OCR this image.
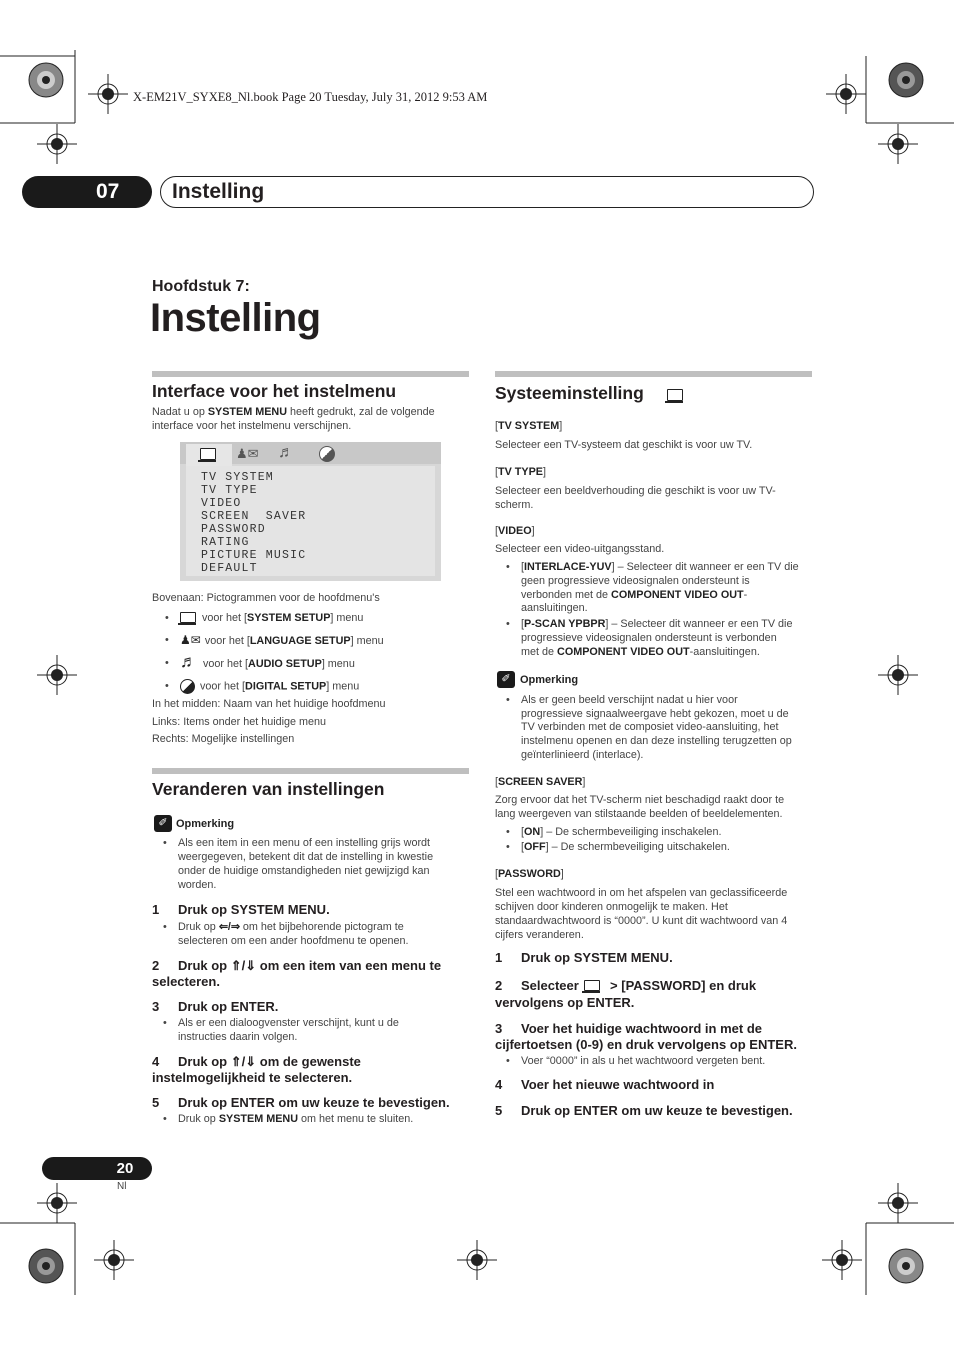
X-EM21V_SYXE8_Nl.book Page 20 Tuesday, July 31, 2012 9:53 AM
07	Instelling
Hoofdstuk 7:
Instelling
Interface voor het instelmenu
Nadat u op SYSTEM MENU heeft gedrukt, zal de volgende
interface voor het instelmenu verschijnen.
♟✉ ♬
TV SYSTEM
TV TYPE
VIDEO
SCREEN  SAVER
PASSWORD
RATING
PICTURE MUSIC
DEFAULT
Bovenaan: Pictogrammen voor de hoofdmenu's
• voor het [SYSTEM SETUP] menu
• ♟✉ voor het [LANGUAGE SETUP] menu
• ♬ voor het [AUDIO SETUP] menu
• voor het [DIGITAL SETUP] menu
In het midden: Naam van het huidige hoofdmenu
Links: Items onder het huidige menu
Rechts: Mogelijke instellingen
Veranderen van instellingen
✐ Opmerking
• Als een item in een menu of een instelling grijs wordt
weergegeven, betekent dit dat de instelling in kwestie
onder de huidige omstandigheden niet gewijzigd kan
worden.
1 Druk op SYSTEM MENU.
• Druk op ⇐/⇒ om het bijbehorende pictogram te
selecteren om een ander hoofdmenu te openen.
2 Druk op ⇑/⇓ om een item van een menu te
selecteren.
3 Druk op ENTER.
• Als er een dialoogvenster verschijnt, kunt u de
instructies daarin volgen.
4 Druk op ⇑/⇓ om de gewenste
instelmogelijkheid te selecteren.
5 Druk op ENTER om uw keuze te bevestigen.
• Druk op SYSTEM MENU om het menu te sluiten.
Systeeminstelling
[TV SYSTEM]
Selecteer een TV-systeem dat geschikt is voor uw TV.
[TV TYPE]
Selecteer een beeldverhouding die geschikt is voor uw TV-
scherm.
[VIDEO]
Selecteer een video-uitgangsstand.
• [INTERLACE-YUV] – Selecteer dit wanneer er een TV die
geen progressieve videosignalen ondersteunt is
verbonden met de COMPONENT VIDEO OUT-
aansluitingen.
• [P-SCAN YPBPR] – Selecteer dit wanneer er een TV die
progressieve videosignalen ondersteunt is verbonden
met de COMPONENT VIDEO OUT-aansluitingen.
✐ Opmerking
• Als er geen beeld verschijnt nadat u hier voor
progressieve signaalweergave hebt gekozen, moet u de
TV verbinden met de composiet video-aansluiting, het
instelmenu openen en dan deze instelling terugzetten op
geïnterlinieerd (interlace).
[SCREEN SAVER]
Zorg ervoor dat het TV-scherm niet beschadigd raakt door te
lang weergeven van stilstaande beelden of beeldelementen.
• [ON] – De schermbeveiliging inschakelen.
• [OFF] – De schermbeveiliging uitschakelen.
[PASSWORD]
Stel een wachtwoord in om het afspelen van geclassificeerde
schijven door kinderen onmogelijk te maken. Het
standaardwachtwoord is “0000”. U kunt dit wachtwoord van 4
cijfers veranderen.
1 Druk op SYSTEM MENU.
2 Selecteer
> [PASSWORD] en druk
vervolgens op ENTER.
3 Voer het huidige wachtwoord in met de
cijfertoetsen (0-9) en druk vervolgens op ENTER.
• Voer “0000” in als u het wachtwoord vergeten bent.
4 Voer het nieuwe wachtwoord in
5 Druk op ENTER om uw keuze te bevestigen.
20
Nl
